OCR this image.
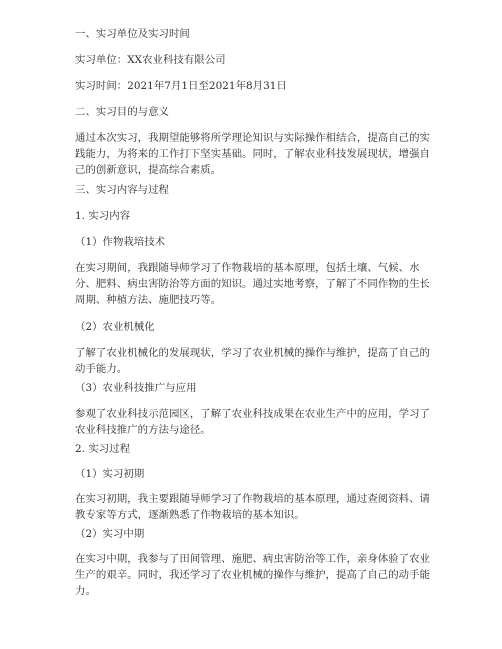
一、实习单位及实习时间
实习单位：XX农业科技有限公司
实习时间：2021年7月1日至2021年8月31日
二、实习目的与意义
通过本次实习，我期望能够将所学理论知识与实际操作相结合，提高自己的实践能力，为将来的工作打下坚实基础。同时，了解农业科技发展现状，增强自己的创新意识，提高综合素质。
三、实习内容与过程
1. 实习内容
（1）作物栽培技术
在实习期间，我跟随导师学习了作物栽培的基本原理，包括土壤、气候、水分、肥料、病虫害防治等方面的知识。通过实地考察，了解了不同作物的生长周期、种植方法、施肥技巧等。
（2）农业机械化
了解了农业机械化的发展现状，学习了农业机械的操作与维护，提高了自己的动手能力。
（3）农业科技推广与应用
参观了农业科技示范园区，了解了农业科技成果在农业生产中的应用，学习了农业科技推广的方法与途径。
2. 实习过程
（1）实习初期
在实习初期，我主要跟随导师学习了作物栽培的基本原理，通过查阅资料、请教专家等方式，逐渐熟悉了作物栽培的基本知识。
（2）实习中期
在实习中期，我参与了田间管理、施肥、病虫害防治等工作，亲身体验了农业生产的艰辛。同时，我还学习了农业机械的操作与维护，提高了自己的动手能力。
